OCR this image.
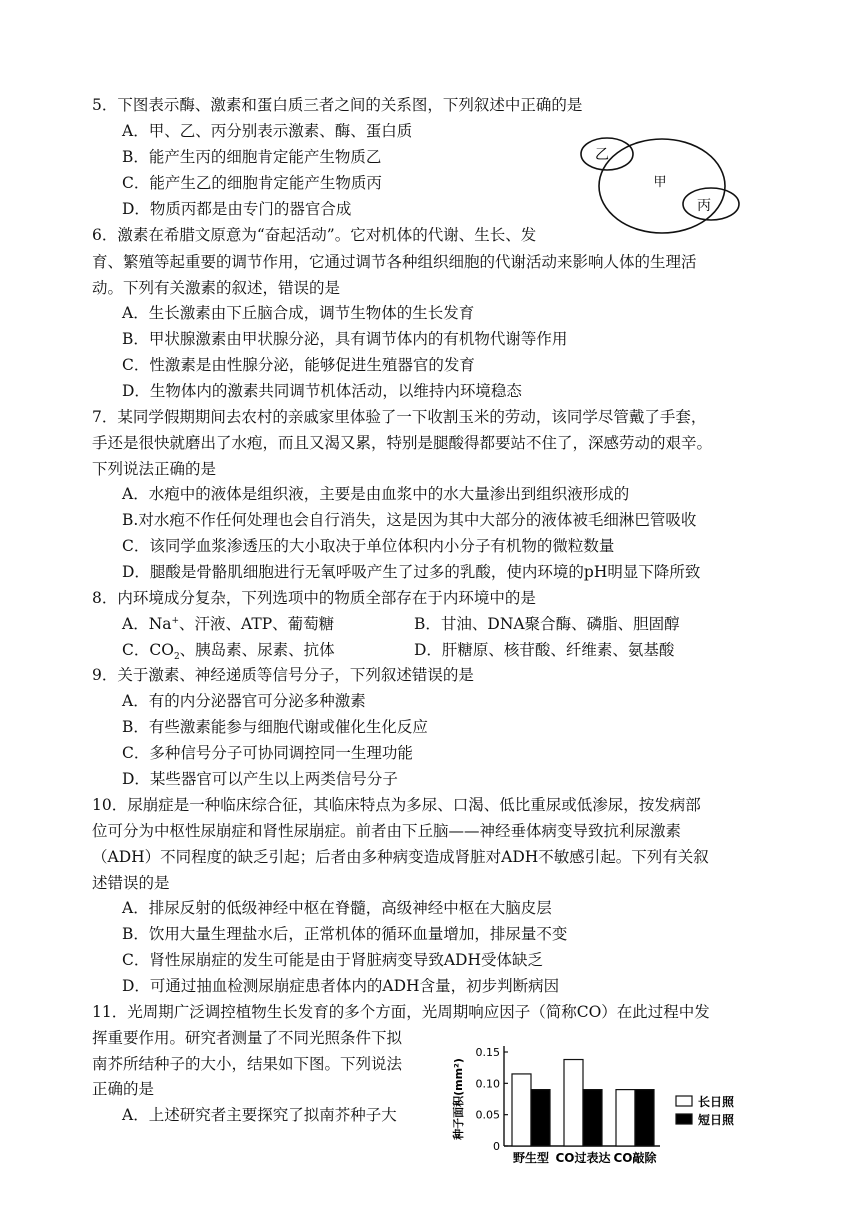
5．下图表示酶、激素和蛋白质三者之间的关系图，下列叙述中正确的是
A．甲、乙、丙分别表示激素、酶、蛋白质
B．能产生丙的细胞肯定能产生物质乙
C．能产生乙的细胞肯定能产生物质丙
D．物质丙都是由专门的器官合成
甲
乙
丙
6．激素在希腊文原意为“奋起活动”。它对机体的代谢、生长、发
育、繁殖等起重要的调节作用，它通过调节各种组织细胞的代谢活动来影响人体的生理活
动。下列有关激素的叙述，错误的是
A．生长激素由下丘脑合成，调节生物体的生长发育
B．甲状腺激素由甲状腺分泌，具有调节体内的有机物代谢等作用
C．性激素是由性腺分泌，能够促进生殖器官的发育
D．生物体内的激素共同调节机体活动，以维持内环境稳态
7．某同学假期期间去农村的亲戚家里体验了一下收割玉米的劳动，该同学尽管戴了手套，
手还是很快就磨出了水疱，而且又渴又累，特别是腿酸得都要站不住了，深感劳动的艰辛。
下列说法正确的是
A．水疱中的液体是组织液，主要是由血浆中的水大量渗出到组织液形成的
B.对水疱不作任何处理也会自行消失，这是因为其中大部分的液体被毛细淋巴管吸收
C．该同学血浆渗透压的大小取决于单位体积内小分子有机物的微粒数量
D．腿酸是骨骼肌细胞进行无氧呼吸产生了过多的乳酸，使内环境的pH明显下降所致
8．内环境成分复杂，下列选项中的物质全部存在于内环境中的是
A．Na+、汗液、ATP、葡萄糖	B．甘油、DNA聚合酶、磷脂、胆固醇
C．$CO_2$、胰岛素、尿素、抗体	D．肝糖原、核苷酸、纤维素、氨基酸
9．关于激素、神经递质等信号分子，下列叙述错误的是
A．有的内分泌器官可分泌多种激素
B．有些激素能参与细胞代谢或催化生化反应
C．多种信号分子可协同调控同一生理功能
D．某些器官可以产生以上两类信号分子
10．尿崩症是一种临床综合征，其临床特点为多尿、口渴、低比重尿或低渗尿，按发病部
位可分为中枢性尿崩症和肾性尿崩症。前者由下丘脑——神经垂体病变导致抗利尿激素
（ADH）不同程度的缺乏引起；后者由多种病变造成肾脏对ADH不敏感引起。下列有关叙
述错误的是
A．排尿反射的低级神经中枢在脊髓，高级神经中枢在大脑皮层
B．饮用大量生理盐水后，正常机体的循环血量增加，排尿量不变
C．肾性尿崩症的发生可能是由于肾脏病变导致ADH受体缺乏
D．可通过抽血检测尿崩症患者体内的ADH含量，初步判断病因
11．光周期广泛调控植物生长发育的多个方面，光周期响应因子（简称CO）在此过程中发
挥重要作用。研究者测量了不同光照条件下拟
南芥所结种子的大小，结果如下图。下列说法
正确的是
A．上述研究者主要探究了拟南芥种子大
0
0.05
0.10
0.15
种子面积(mm²)
野生型 CO过表达 CO敲除
长日照
短日照
